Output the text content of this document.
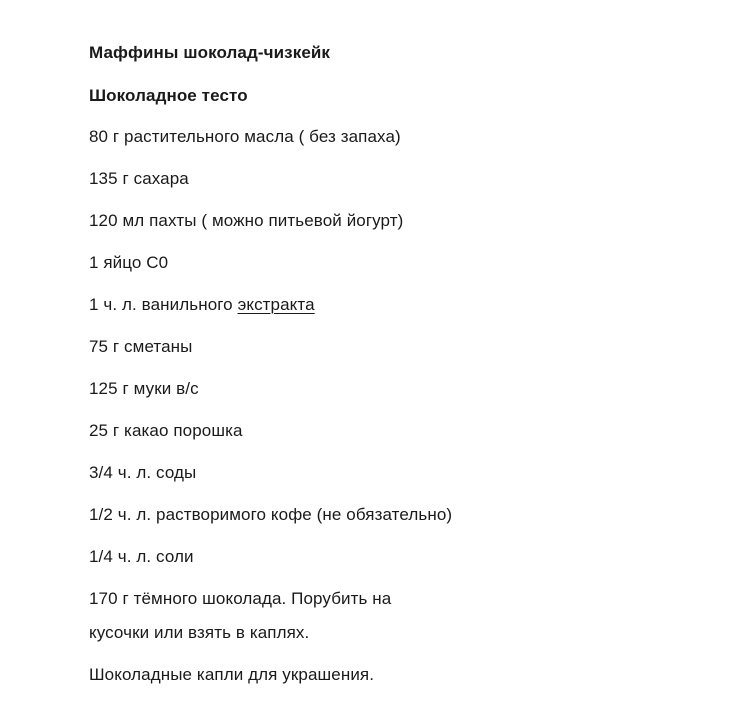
Маффины шоколад-чизкейк
Шоколадное тесто
80 г растительного масла ( без запаха)
135 г сахара
120 мл пахты ( можно питьевой йогурт)
1 яйцо С0
1 ч. л. ванильного экстракта
75 г сметаны
125 г муки в/с
25 г какао порошка
3/4 ч. л. соды
1/2 ч. л. растворимого кофе (не обязательно)
1/4 ч. л. соли
170 г тёмного шоколада. Порубить на
кусочки или взять в каплях.
Шоколадные капли для украшения.
